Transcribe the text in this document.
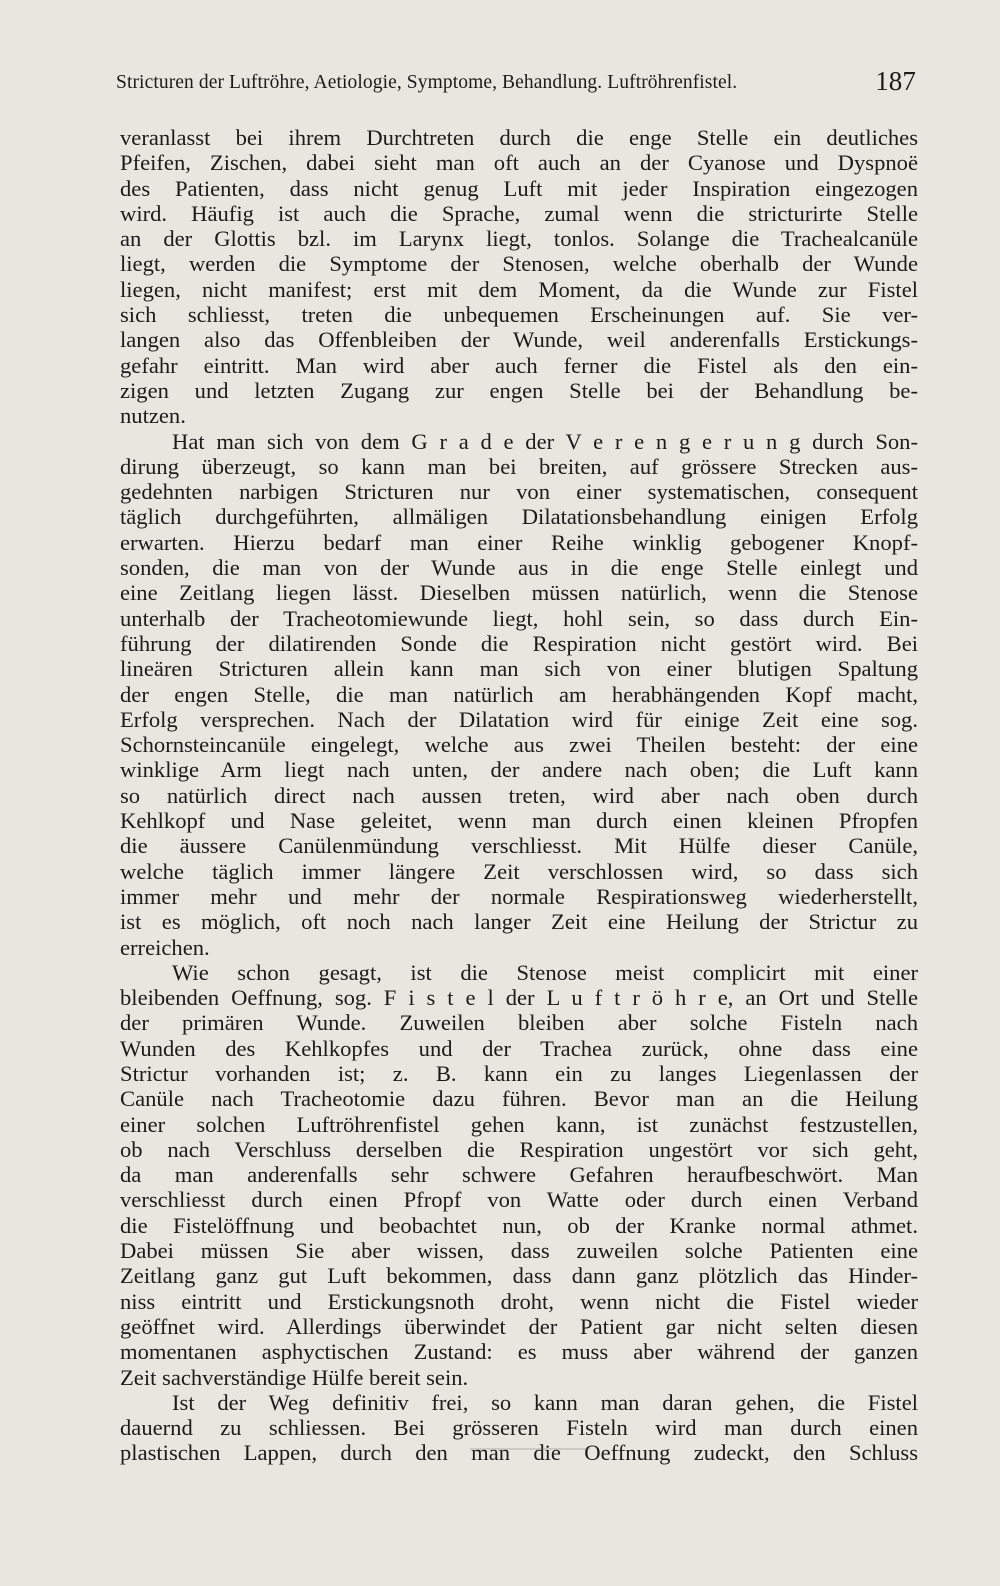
Stricturen der Luftröhre, Aetiologie, Symptome, Behandlung. Luftröhrenfistel.	187
veranlasst bei ihrem Durchtreten durch die enge Stelle ein deutliches
Pfeifen, Zischen, dabei sieht man oft auch an der Cyanose und Dyspnoë
des Patienten, dass nicht genug Luft mit jeder Inspiration eingezogen
wird. Häufig ist auch die Sprache, zumal wenn die stricturirte Stelle
an der Glottis bzl. im Larynx liegt, tonlos. Solange die Trachealcanüle
liegt, werden die Symptome der Stenosen, welche oberhalb der Wunde
liegen, nicht manifest; erst mit dem Moment, da die Wunde zur Fistel
sich schliesst, treten die unbequemen Erscheinungen auf. Sie ver-
langen also das Offenbleiben der Wunde, weil anderenfalls Erstickungs-
gefahr eintritt. Man wird aber auch ferner die Fistel als den ein-
zigen und letzten Zugang zur engen Stelle bei der Behandlung be-
nutzen.
Hat man sich von dem G r a d e der V e r e n g e r u n g durch Son-
dirung überzeugt, so kann man bei breiten, auf grössere Strecken aus-
gedehnten narbigen Stricturen nur von einer systematischen, consequent
täglich durchgeführten, allmäligen Dilatationsbehandlung einigen Erfolg
erwarten. Hierzu bedarf man einer Reihe winklig gebogener Knopf-
sonden, die man von der Wunde aus in die enge Stelle einlegt und
eine Zeitlang liegen lässt. Dieselben müssen natürlich, wenn die Stenose
unterhalb der Tracheotomiewunde liegt, hohl sein, so dass durch Ein-
führung der dilatirenden Sonde die Respiration nicht gestört wird. Bei
lineären Stricturen allein kann man sich von einer blutigen Spaltung
der engen Stelle, die man natürlich am herabhängenden Kopf macht,
Erfolg versprechen. Nach der Dilatation wird für einige Zeit eine sog.
Schornsteincanüle eingelegt, welche aus zwei Theilen besteht: der eine
winklige Arm liegt nach unten, der andere nach oben; die Luft kann
so natürlich direct nach aussen treten, wird aber nach oben durch
Kehlkopf und Nase geleitet, wenn man durch einen kleinen Pfropfen
die äussere Canülenmündung verschliesst. Mit Hülfe dieser Canüle,
welche täglich immer längere Zeit verschlossen wird, so dass sich
immer mehr und mehr der normale Respirationsweg wiederherstellt,
ist es möglich, oft noch nach langer Zeit eine Heilung der Strictur zu
erreichen.
Wie schon gesagt, ist die Stenose meist complicirt mit einer
bleibenden Oeffnung, sog. F i s t e l der L u f t r ö h r e, an Ort und Stelle
der primären Wunde. Zuweilen bleiben aber solche Fisteln nach
Wunden des Kehlkopfes und der Trachea zurück, ohne dass eine
Strictur vorhanden ist; z. B. kann ein zu langes Liegenlassen der
Canüle nach Tracheotomie dazu führen. Bevor man an die Heilung
einer solchen Luftröhrenfistel gehen kann, ist zunächst festzustellen,
ob nach Verschluss derselben die Respiration ungestört vor sich geht,
da man anderenfalls sehr schwere Gefahren heraufbeschwört. Man
verschliesst durch einen Pfropf von Watte oder durch einen Verband
die Fistelöffnung und beobachtet nun, ob der Kranke normal athmet.
Dabei müssen Sie aber wissen, dass zuweilen solche Patienten eine
Zeitlang ganz gut Luft bekommen, dass dann ganz plötzlich das Hinder-
niss eintritt und Erstickungsnoth droht, wenn nicht die Fistel wieder
geöffnet wird. Allerdings überwindet der Patient gar nicht selten diesen
momentanen asphyctischen Zustand: es muss aber während der ganzen
Zeit sachverständige Hülfe bereit sein.
Ist der Weg definitiv frei, so kann man daran gehen, die Fistel
dauernd zu schliessen. Bei grösseren Fisteln wird man durch einen
plastischen Lappen, durch den man die Oeffnung zudeckt, den Schluss
